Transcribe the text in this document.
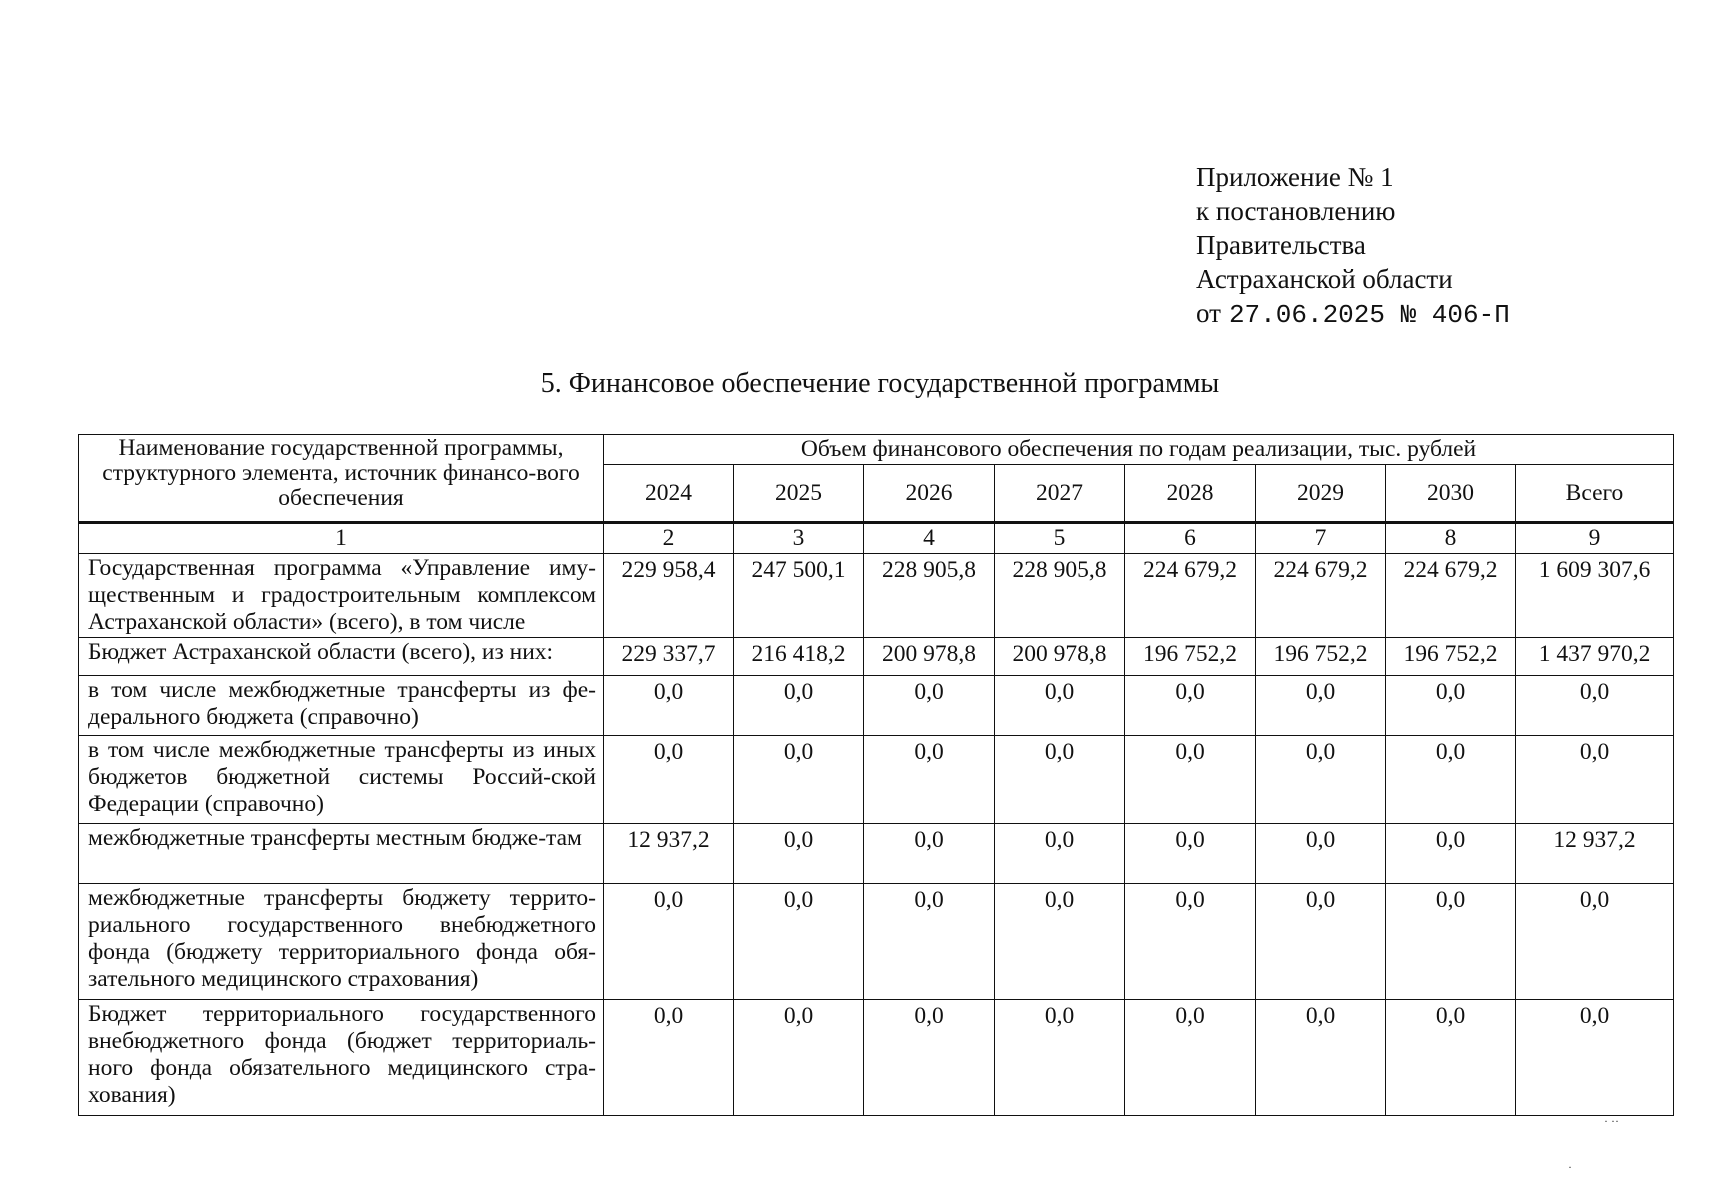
Приложение № 1
к постановлению
Правительства
Астраханской области
от 27.06.2025 № 406-П
5. Финансовое обеспечение государственной программы
Наименование государственной программы, структурного элемента, источник финансо-вого обеспечения	Объем финансового обеспечения по годам реализации, тыс. рублей							
	2024	2025	2026	2027	2028	2029	2030	Всего
1	2	3	4	5	6	7	8	9
Государственная программа «Управление иму-щественным и градостроительным комплексом Астраханской области» (всего), в том числе	229 958,4	247 500,1	228 905,8	228 905,8	224 679,2	224 679,2	224 679,2	1 609 307,6
Бюджет Астраханской области (всего), из них:	229 337,7	216 418,2	200 978,8	200 978,8	196 752,2	196 752,2	196 752,2	1 437 970,2
в том числе межбюджетные трансферты из фе-дерального бюджета (справочно)	0,0	0,0	0,0	0,0	0,0	0,0	0,0	0,0
в том числе межбюджетные трансферты из иных бюджетов бюджетной системы Россий-ской Федерации (справочно)	0,0	0,0	0,0	0,0	0,0	0,0	0,0	0,0
межбюджетные трансферты местным бюдже-там	12 937,2	0,0	0,0	0,0	0,0	0,0	0,0	12 937,2
межбюджетные трансферты бюджету террито-риального государственного внебюджетного фонда (бюджету территориального фонда обя-зательного медицинского страхования)	0,0	0,0	0,0	0,0	0,0	0,0	0,0	0,0
Бюджет территориального государственного внебюджетного фонда (бюджет территориаль-ного фонда обязательного медицинского стра-хования)	0,0	0,0	0,0	0,0	0,0	0,0	0,0	0,0
· ··
·
